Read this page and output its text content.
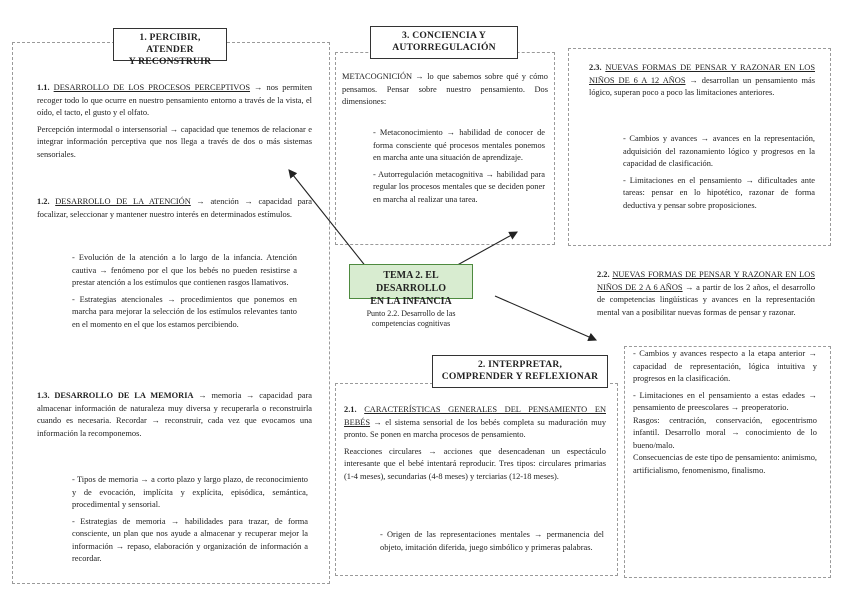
TEMA 2. EL DESARROLLO
EN LA INFANCIA
Punto 2.2. Desarrollo de las
competencias cognitivas
1. PERCIBIR, ATENDER
Y RECONSTRUIR

1.1. DESARROLLO DE LOS PROCESOS PERCEPTIVOS → nos permiten recoger todo lo que ocurre en nuestro pensamiento entorno a través de la vista, el oído, el tacto, el gusto y el olfato.

Percepción intermodal o intersensorial → capacidad que tenemos de relacionar e integrar información perceptiva que nos llega a través de dos o más sistemas sensoriales.

1.2. DESARROLLO DE LA ATENCIÓN → atención → capacidad para focalizar, seleccionar y mantener nuestro interés en determinados estímulos.

- Evolución de la atención a lo largo de la infancia. Atención cautiva → fenómeno por el que los bebés no pueden resistirse a prestar atención a los estímulos que contienen rasgos llamativos.

- Estrategias atencionales → procedimientos que ponemos en marcha para mejorar la selección de los estímulos relevantes tanto en el momento en el que los estamos percibiendo.

1.3. DESARROLLO DE LA MEMORIA → memoria → capacidad para almacenar información de naturaleza muy diversa y recuperarla o reconstruirla cuando es necesaria. Recordar → reconstruir, cada vez que evocamos una información la recomponemos.

- Tipos de memoria → a corto plazo y largo plazo, de reconocimiento y de evocación, implícita y explícita, episódica, semántica, procedimental y sensorial.

- Estrategias de memoria → habilidades para trazar, de forma consciente, un plan que nos ayude a almacenar y recuperar mejor la información → repaso, elaboración y organización de información a recordar.

3. CONCIENCIA Y
AUTORREGULACIÓN

METACOGNICIÓN → lo que sabemos sobre qué y cómo pensamos. Pensar sobre nuestro pensamiento. Dos dimensiones:

- Metaconocimiento → habilidad de conocer de forma consciente qué procesos mentales ponemos en marcha ante una situación de aprendizaje.

- Autorregulación metacognitiva → habilidad para regular los procesos mentales que se deciden poner en marcha al realizar una tarea.

2.3. NUEVAS FORMAS DE PENSAR Y RAZONAR EN LOS NIÑOS DE 6 A 12 AÑOS → desarrollan un pensamiento más lógico, superan poco a poco las limitaciones anteriores.

- Cambios y avances → avances en la representación, adquisición del razonamiento lógico y progresos en la capacidad de clasificación.

- Limitaciones en el pensamiento → dificultades ante tareas: pensar en lo hipotético, razonar de forma deductiva y pensar sobre proposiciones.

2.2. NUEVAS FORMAS DE PENSAR Y RAZONAR EN LOS NIÑOS DE 2 A 6 AÑOS → a partir de los 2 años, el desarrollo de competencias lingüísticas y avances en la representación mental van a posibilitar nuevas formas de pensar y razonar.

- Cambios y avances respecto a la etapa anterior → capacidad de representación, lógica intuitiva y progresos en la clasificación.

- Limitaciones en el pensamiento a estas edades → pensamiento de preescolares → preoperatorio.

Rasgos: centración, conservación, egocentrismo infantil. Desarrollo moral → conocimiento de lo bueno/malo.

Consecuencias de este tipo de pensamiento: animismo, artificialismo, fenomenismo, finalismo.

2. INTERPRETAR,
COMPRENDER Y REFLEXIONAR

2.1. CARACTERÍSTICAS GENERALES DEL PENSAMIENTO EN BEBÉS → el sistema sensorial de los bebés completa su maduración muy pronto. Se ponen en marcha procesos de pensamiento.

Reacciones circulares → acciones que desencadenan un espectáculo interesante que el bebé intentará reproducir. Tres tipos: circulares primarias (1-4 meses), secundarias (4-8 meses) y terciarias (12-18 meses).

- Origen de las representaciones mentales → permanencia del objeto, imitación diferida, juego simbólico y primeras palabras.
